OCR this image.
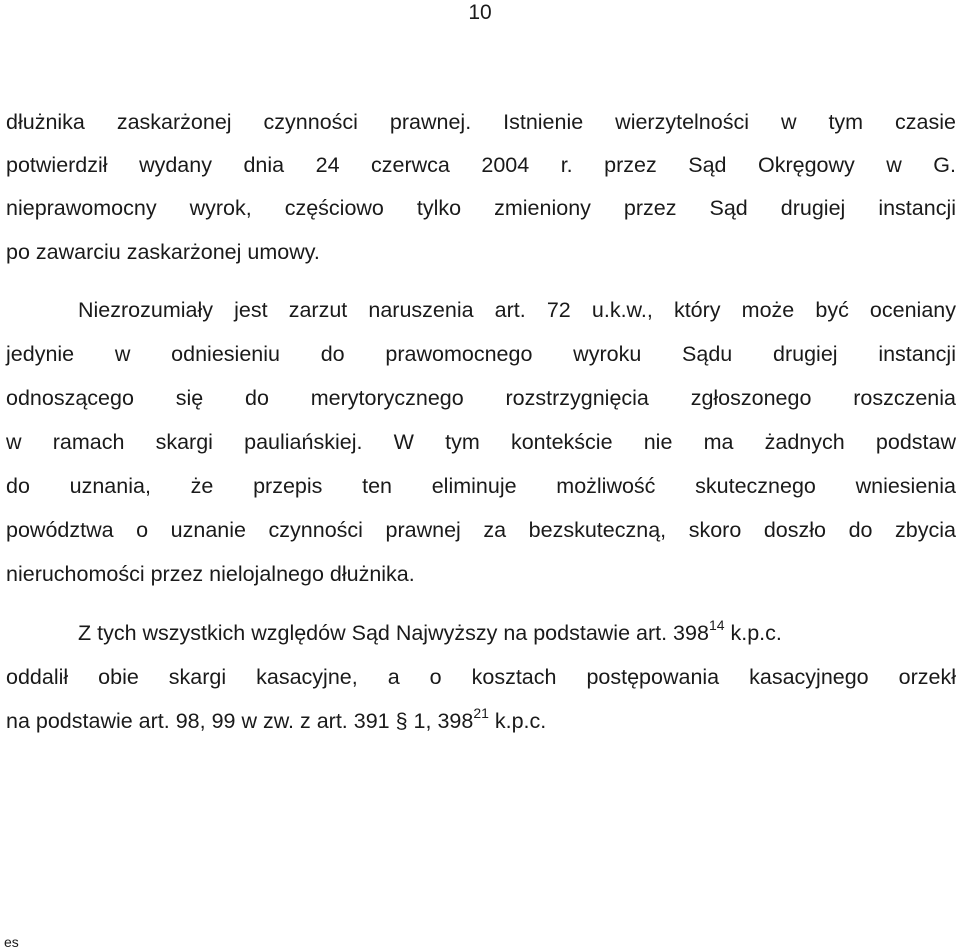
10
dłużnika zaskarżonej czynności prawnej. Istnienie wierzytelności w tym czasie
potwierdził wydany dnia 24 czerwca 2004 r. przez Sąd Okręgowy w G.
nieprawomocny wyrok, częściowo tylko zmieniony przez Sąd drugiej instancji
po zawarciu zaskarżonej umowy.
Niezrozumiały jest zarzut naruszenia art. 72 u.k.w., który może być oceniany
jedynie w odniesieniu do prawomocnego wyroku Sądu drugiej instancji
odnoszącego się do merytorycznego rozstrzygnięcia zgłoszonego roszczenia
w ramach skargi pauliańskiej. W tym kontekście nie ma żadnych podstaw
do uznania, że przepis ten eliminuje możliwość skutecznego wniesienia
powództwa o uznanie czynności prawnej za bezskuteczną, skoro doszło do zbycia
nieruchomości przez nielojalnego dłużnika.
Z tych wszystkich względów Sąd Najwyższy na podstawie art. $398^{14}$ k.p.c.
oddalił obie skargi kasacyjne, a o kosztach postępowania kasacyjnego orzekł
na podstawie art. 98, 99 w zw. z art. 391 § 1, $398^{21}$ k.p.c.
es
